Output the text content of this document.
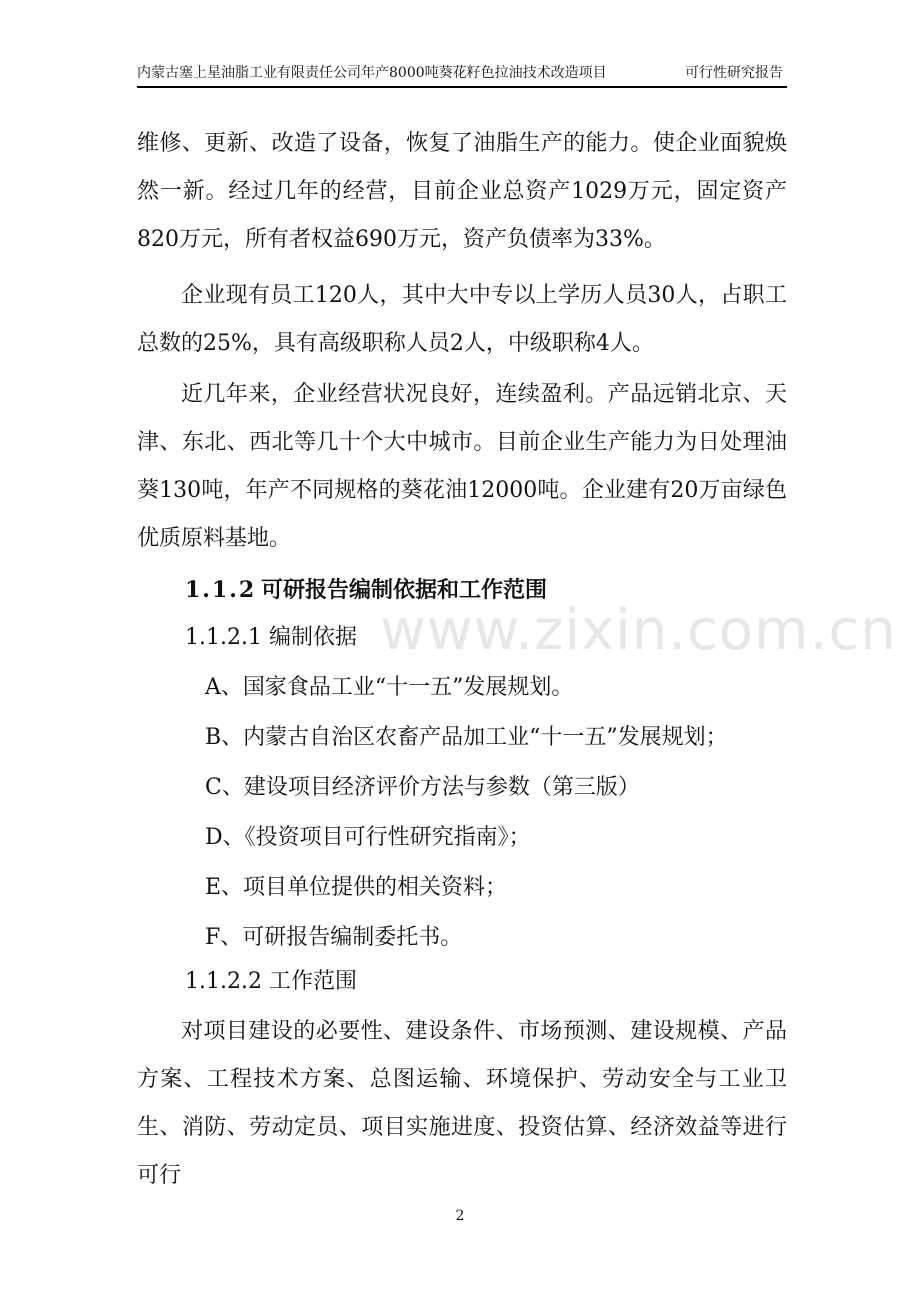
内蒙古塞上星油脂工业有限责任公司年产8000吨葵花籽色拉油技术改造项目	可行性研究报告

维修、更新、改造了设备，恢复了油脂生产的能力。使企业面貌焕然一新。经过几年的经营，目前企业总资产1029万元，固定资产820万元，所有者权益690万元，资产负债率为33%。

企业现有员工120人，其中大中专以上学历人员30人，占职工总数的25%，具有高级职称人员2人，中级职称4人。

近几年来，企业经营状况良好，连续盈利。产品远销北京、天津、东北、西北等几十个大中城市。目前企业生产能力为日处理油葵130吨，年产不同规格的葵花油12000吨。企业建有20万亩绿色优质原料基地。

1.1.2 可研报告编制依据和工作范围
1.1.2.1 编制依据
A、国家食品工业“十一五”发展规划。
B、内蒙古自治区农畜产品加工业“十一五”发展规划；
C、建设项目经济评价方法与参数（第三版）
D、《投资项目可行性研究指南》；
E、项目单位提供的相关资料；
F、可研报告编制委托书。
1.1.2.2 工作范围

对项目建设的必要性、建设条件、市场预测、建设规模、产品方案、工程技术方案、总图运输、环境保护、劳动安全与工业卫生、消防、劳动定员、项目实施进度、投资估算、经济效益等进行可行

www.zixin.com.cn
2
